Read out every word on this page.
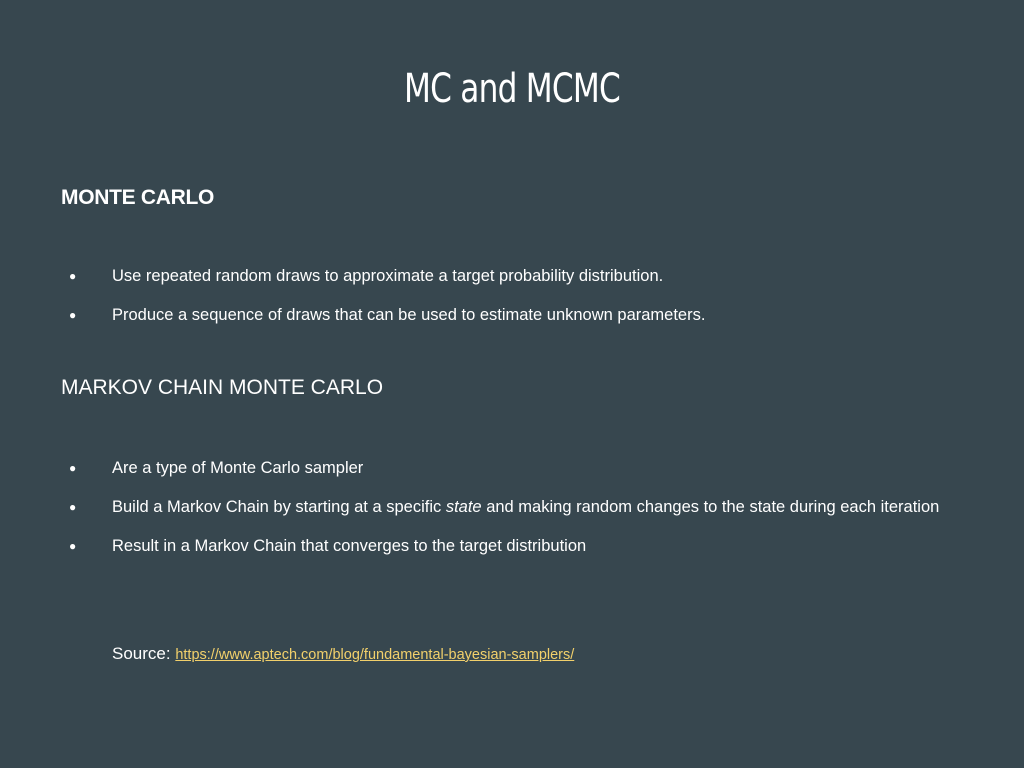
MC and MCMC
MONTE CARLO
● Use repeated random draws to approximate a target probability distribution.
● Produce a sequence of draws that can be used to estimate unknown parameters.
MARKOV CHAIN MONTE CARLO
● Are a type of Monte Carlo sampler
● Build a Markov Chain by starting at a specific state and making random changes to the state during each iteration
● Result in a Markov Chain that converges to the target distribution
Source: https://www.aptech.com/blog/fundamental-bayesian-samplers/
